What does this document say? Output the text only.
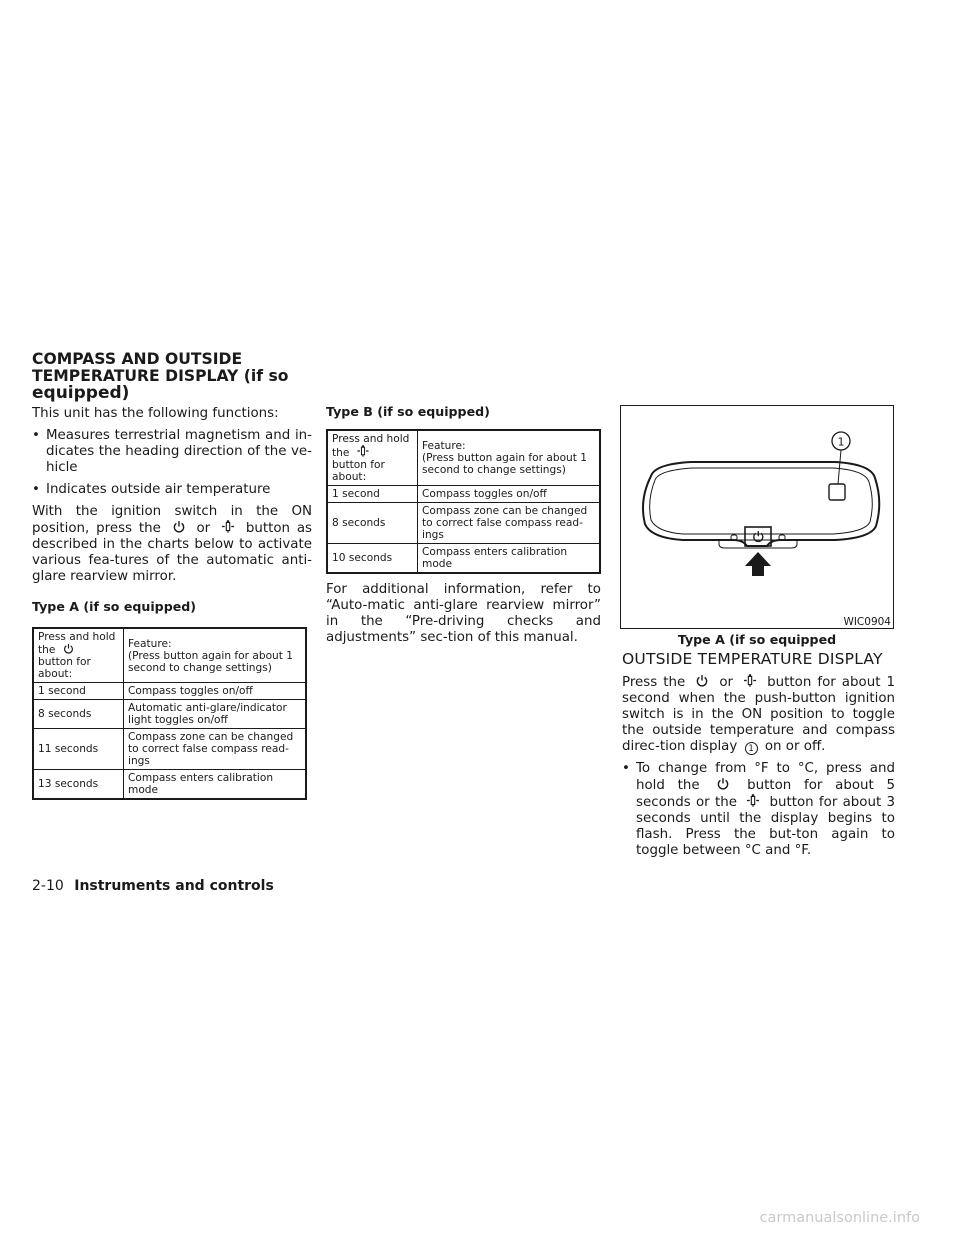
COMPASS AND OUTSIDE
TEMPERATURE DISPLAY (if so
equipped)

This unit has the following functions:

• Measures terrestrial magnetism and in-dicates the heading direction of the ve-hicle
• Indicates outside air temperature

With the ignition switch in the ON position, press the	or	button as described in the charts below to activate various fea-tures of the automatic anti-glare rearview mirror.

Type A (if so equipped)

Press and hold
the
button for
about:	Feature:
(Press button again for about 1 second to change settings)
1 second	Compass toggles on/off
8 seconds	Automatic anti-glare/indicator light toggles on/off
11 seconds	Compass zone can be changed to correct false compass read-ings
13 seconds	Compass enters calibration mode

Type B (if so equipped)

Press and hold
the
button for
about:	Feature:
(Press button again for about 1 second to change settings)
1 second	Compass toggles on/off
8 seconds	Compass zone can be changed to correct false compass read-ings
10 seconds	Compass enters calibration mode

For additional information, refer to “Auto-matic anti-glare rearview mirror” in the “Pre-driving checks and adjustments” sec-tion of this manual.

1
WIC0904

Type A (if so equipped

OUTSIDE TEMPERATURE DISPLAY

Press the	or	button for about 1 second when the push-button ignition switch is in the ON position to toggle the outside temperature and compass direc-tion display 1 on or off.

• To change from °F to °C, press and hold the	button for about 5 seconds or the button for about 3 seconds until the display begins to flash. Press the but-ton again to toggle between °C and °F.
2-10 Instruments and controls
carmanualsonline.info
